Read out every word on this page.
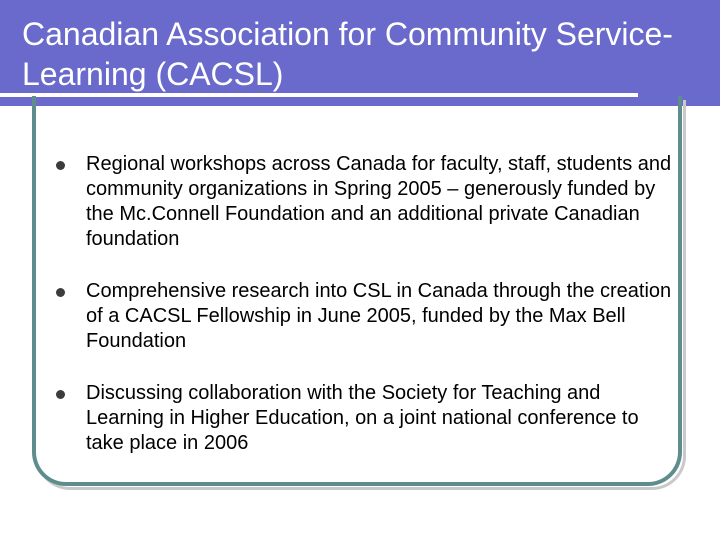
Canadian Association for Community Service-Learning (CACSL)
Regional workshops across Canada for faculty, staff, students and community organizations in Spring 2005 – generously funded by the Mc.Connell Foundation and an additional private Canadian foundation
Comprehensive research into CSL in Canada through the creation of a CACSL Fellowship in June 2005, funded by the Max Bell Foundation
Discussing collaboration with the Society for Teaching and Learning in Higher Education, on a joint national conference to take place in 2006
